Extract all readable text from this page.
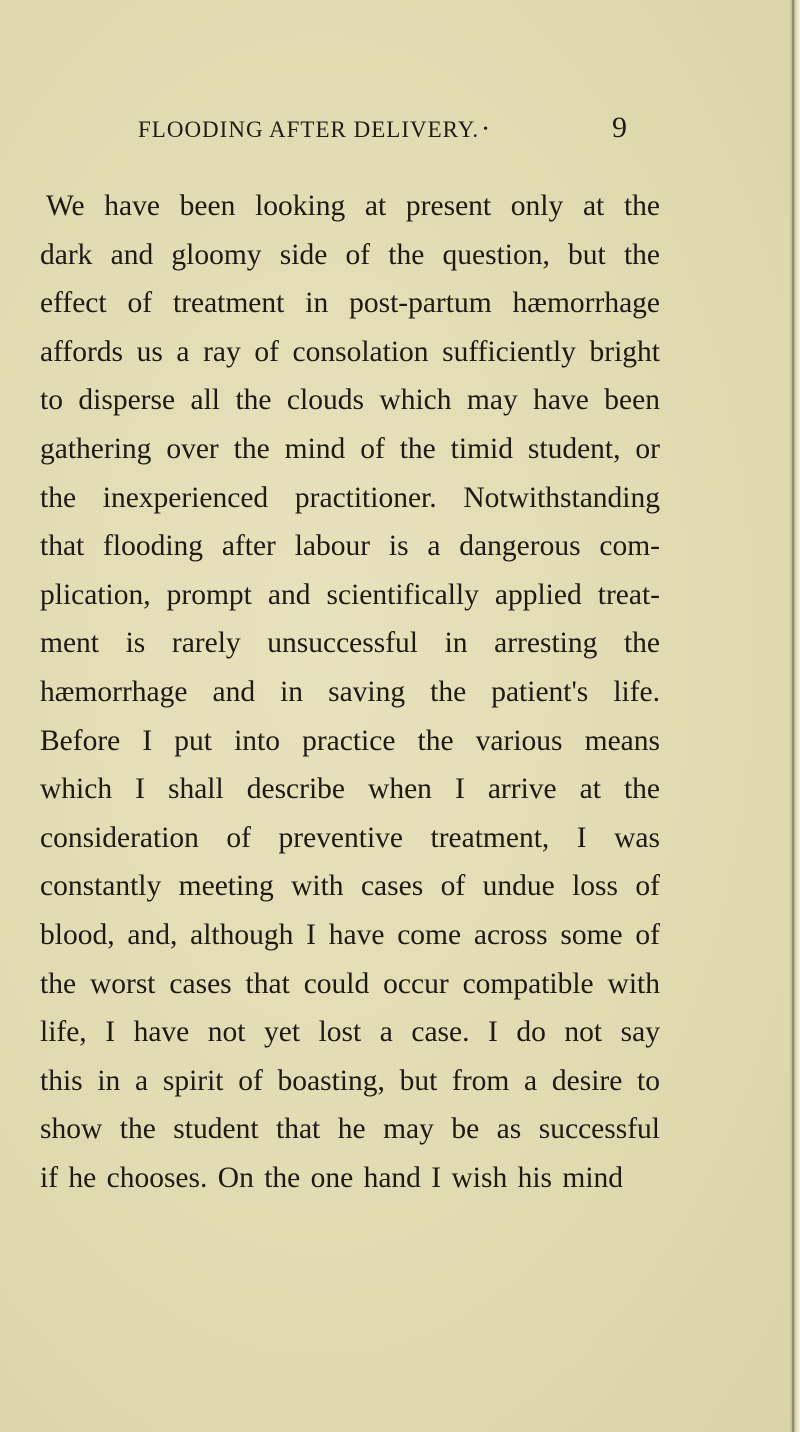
FLOODING AFTER DELIVERY. •	9
We have been looking at present only at the
dark and gloomy side of the question, but the
effect of treatment in post-partum hæmorrhage
affords us a ray of consolation sufficiently bright
to disperse all the clouds which may have been
gathering over the mind of the timid student, or
the inexperienced practitioner. Notwithstanding
that flooding after labour is a dangerous com-
plication, prompt and scientifically applied treat-
ment is rarely unsuccessful in arresting the
hæmorrhage and in saving the patient's life.
Before I put into practice the various means
which I shall describe when I arrive at the
consideration of preventive treatment, I was
constantly meeting with cases of undue loss of
blood, and, although I have come across some of
the worst cases that could occur compatible with
life, I have not yet lost a case. I do not say
this in a spirit of boasting, but from a desire to
show the student that he may be as successful
if he chooses. On the one hand I wish his mind
